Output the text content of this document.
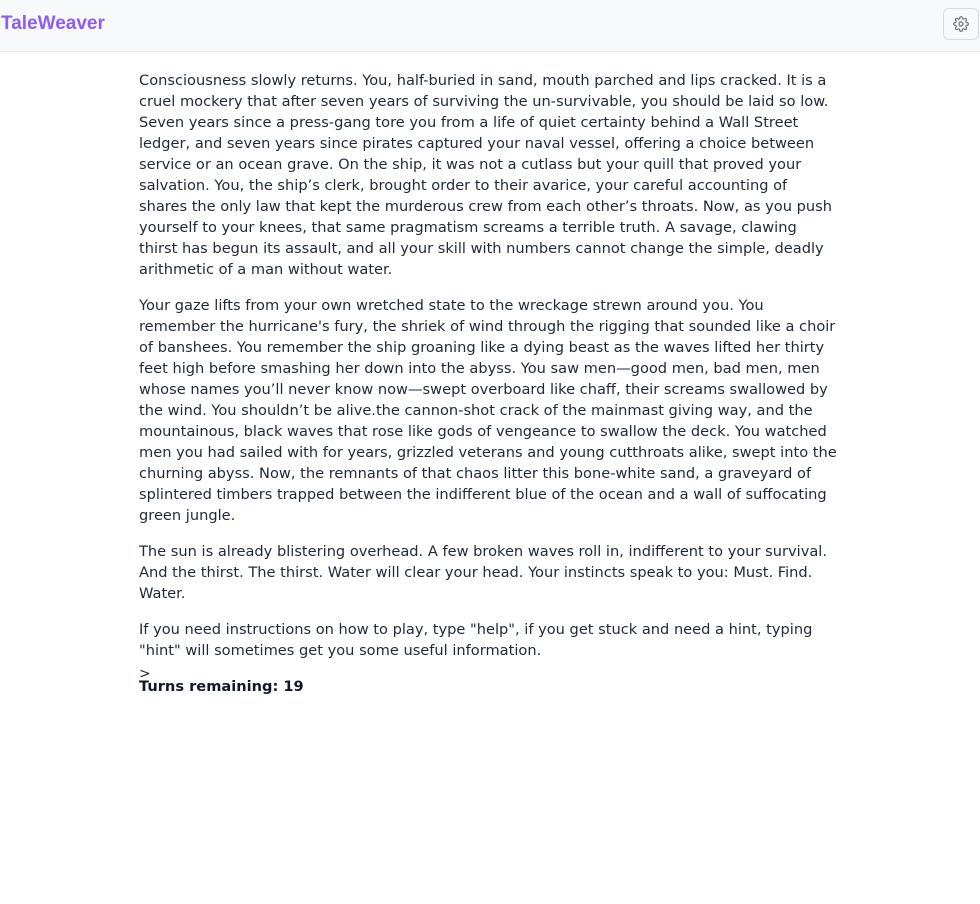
TaleWeaver

Consciousness slowly returns. You, half-buried in sand, mouth parched and lips cracked. It is a cruel mockery that after seven years of surviving the un-survivable, you should be laid so low. Seven years since a press-gang tore you from a life of quiet certainty behind a Wall Street ledger, and seven years since pirates captured your naval vessel, offering a choice between service or an ocean grave. On the ship, it was not a cutlass but your quill that proved your salvation. You, the ship’s clerk, brought order to their avarice, your careful accounting of shares the only law that kept the murderous crew from each other’s throats. Now, as you push yourself to your knees, that same pragmatism screams a terrible truth. A savage, clawing thirst has begun its assault, and all your skill with numbers cannot change the simple, deadly arithmetic of a man without water.

Your gaze lifts from your own wretched state to the wreckage strewn around you. You remember the hurricane's fury, the shriek of wind through the rigging that sounded like a choir of banshees. You remember the ship groaning like a dying beast as the waves lifted her thirty feet high before smashing her down into the abyss. You saw men—good men, bad men, men whose names you’ll never know now—swept overboard like chaff, their screams swallowed by the wind. You shouldn’t be alive.the cannon-shot crack of the mainmast giving way, and the mountainous, black waves that rose like gods of vengeance to swallow the deck. You watched men you had sailed with for years, grizzled veterans and young cutthroats alike, swept into the churning abyss. Now, the remnants of that chaos litter this bone-white sand, a graveyard of splintered timbers trapped between the indifferent blue of the ocean and a wall of suffocating green jungle.

The sun is already blistering overhead. A few broken waves roll in, indifferent to your survival. And the thirst. The thirst. Water will clear your head. Your instincts speak to you: Must. Find. Water.

If you need instructions on how to play, type "help", if you get stuck and need a hint, typing "hint" will sometimes get you some useful information.

Turns remaining: 19

>
